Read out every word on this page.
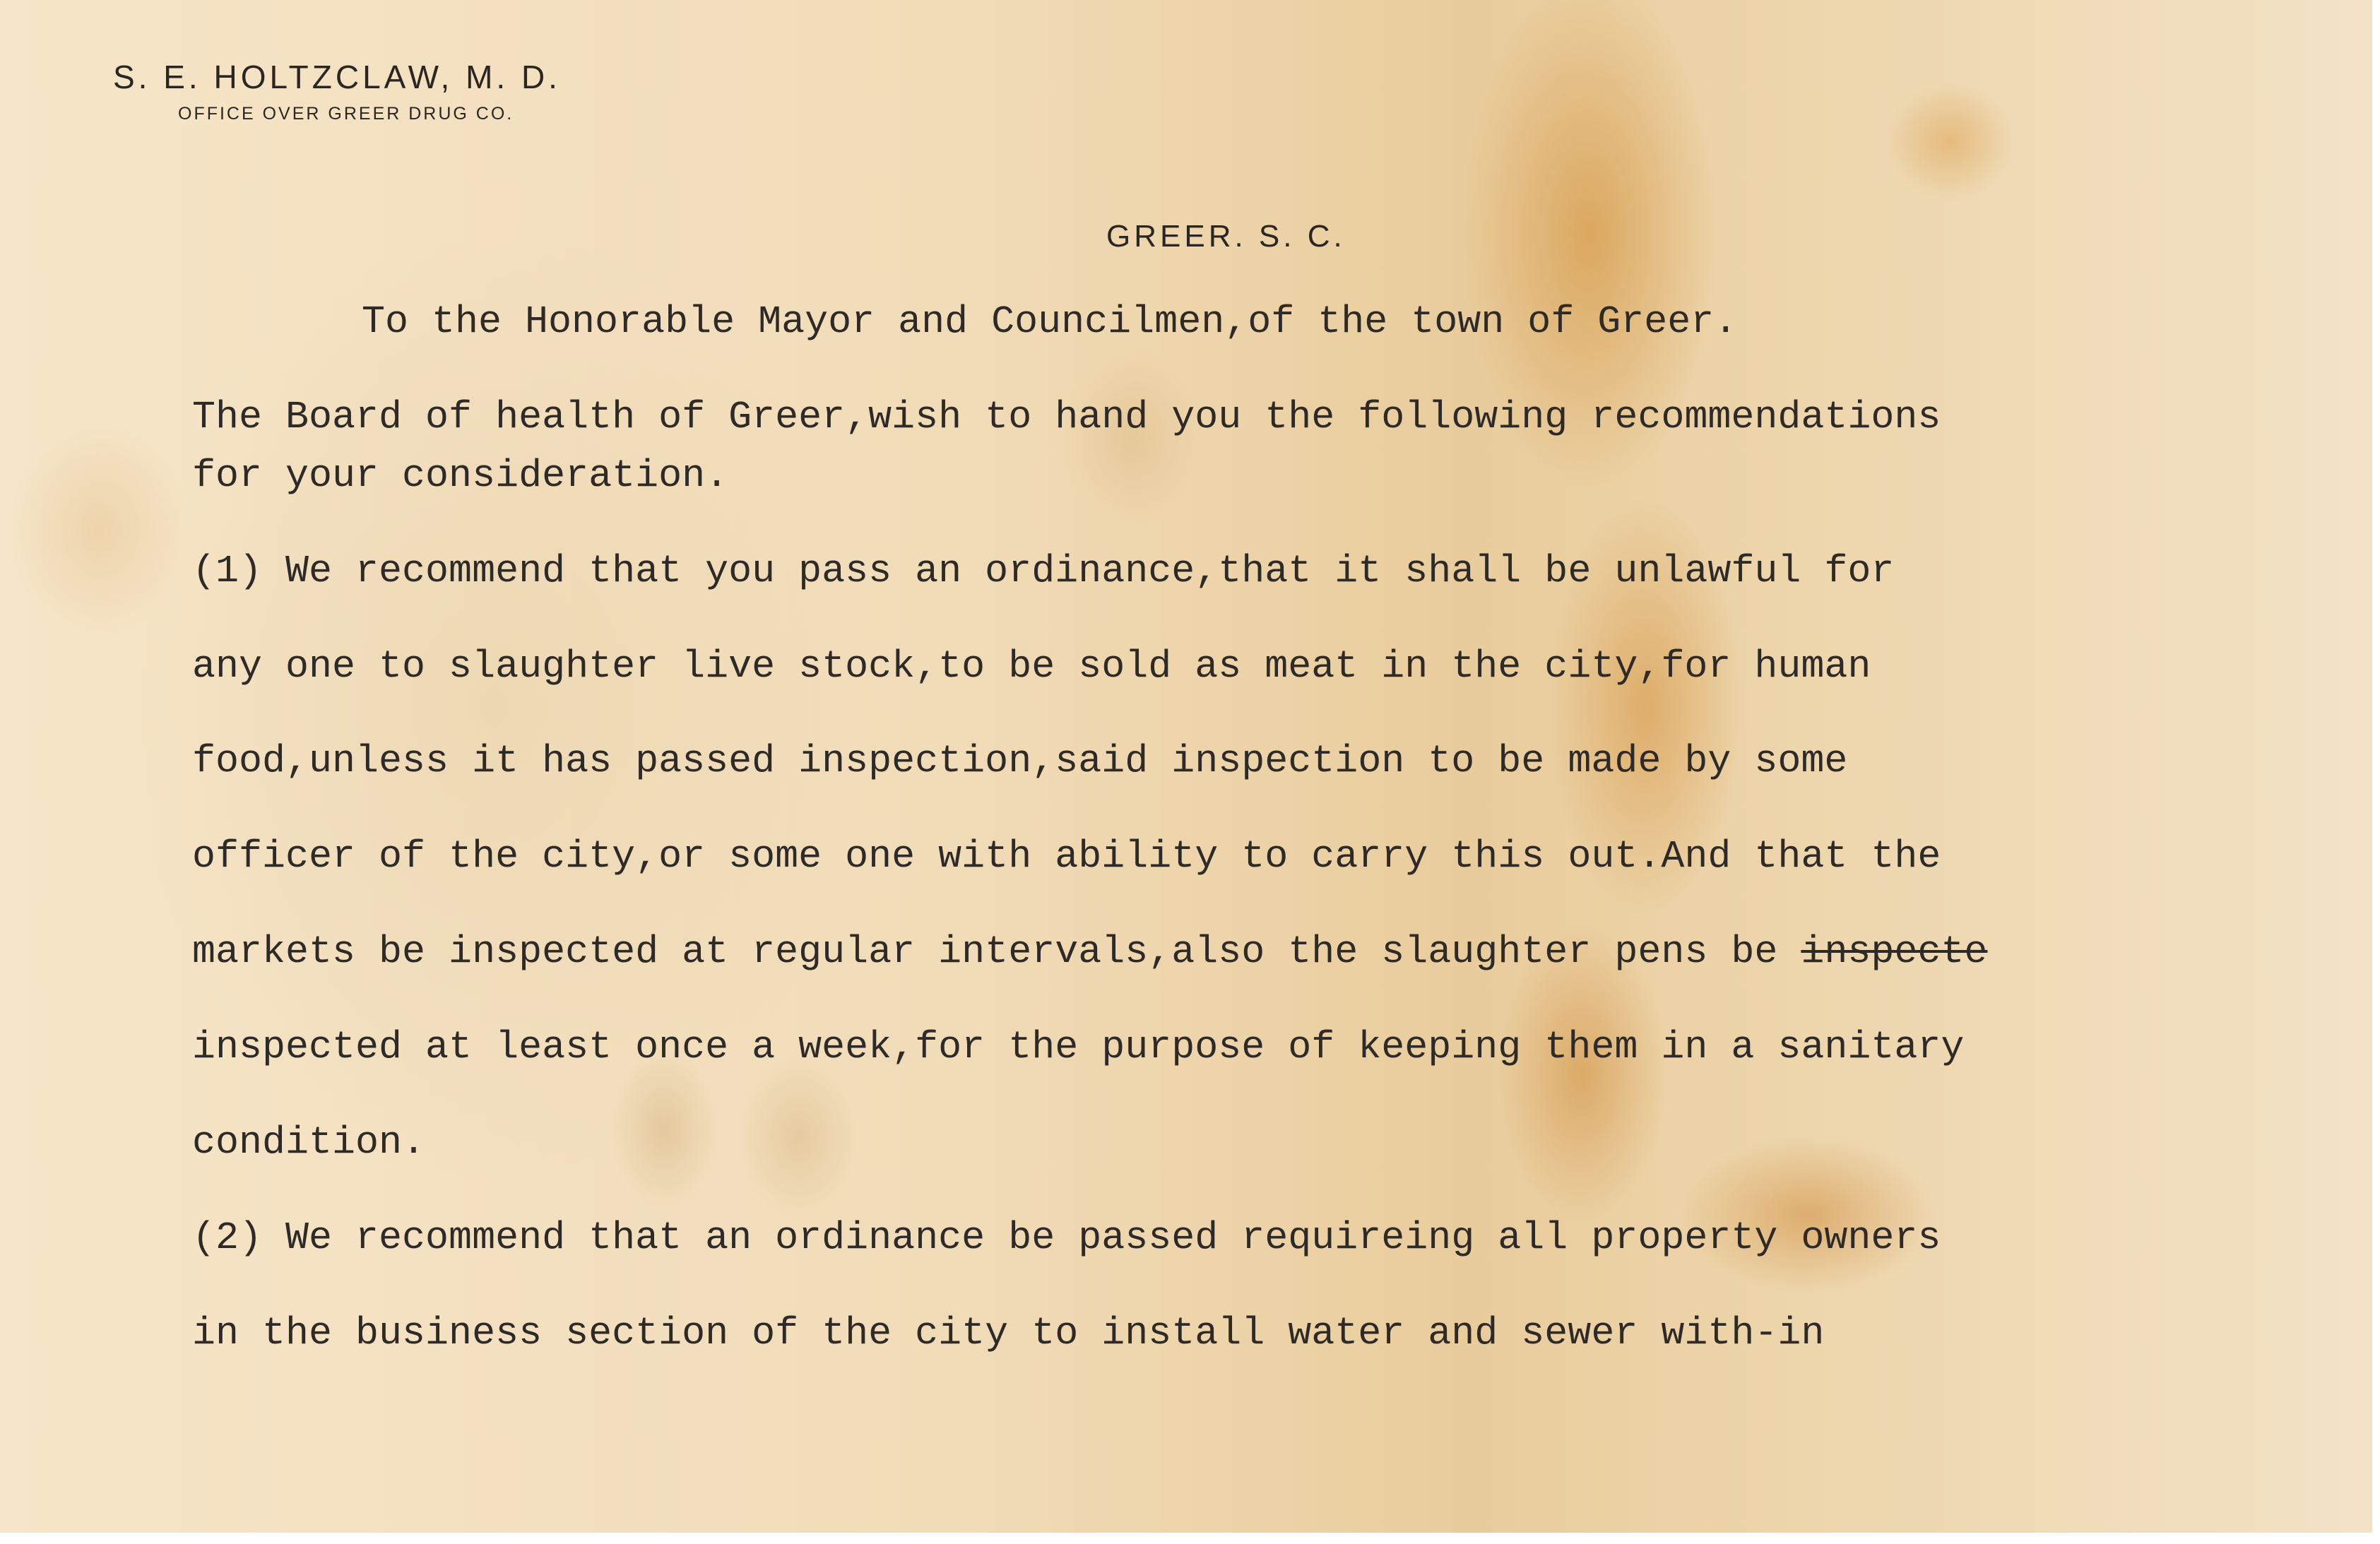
S. E. HOLTZCLAW, M. D.
OFFICE OVER GREER DRUG CO.
GREER. S. C.
To the Honorable Mayor and Councilmen,of the town of Greer.
The Board of health of Greer,wish to hand you the following recommendations
for your consideration.
(1) We recommend that you pass an ordinance,that it shall be unlawful for
any one to slaughter live stock,to be sold as meat in the city,for human
food,unless it has passed inspection,said inspection to be made by some
officer of the city,or some one with ability to carry this out.And that the
markets be inspected at regular intervals,also the slaughter pens be inspecte
inspected at least once a week,for the purpose of keeping them in a sanitary
condition.
(2) We recommend that an ordinance be passed requireing all property owners
in the business section of the city to install water and sewer with-in
